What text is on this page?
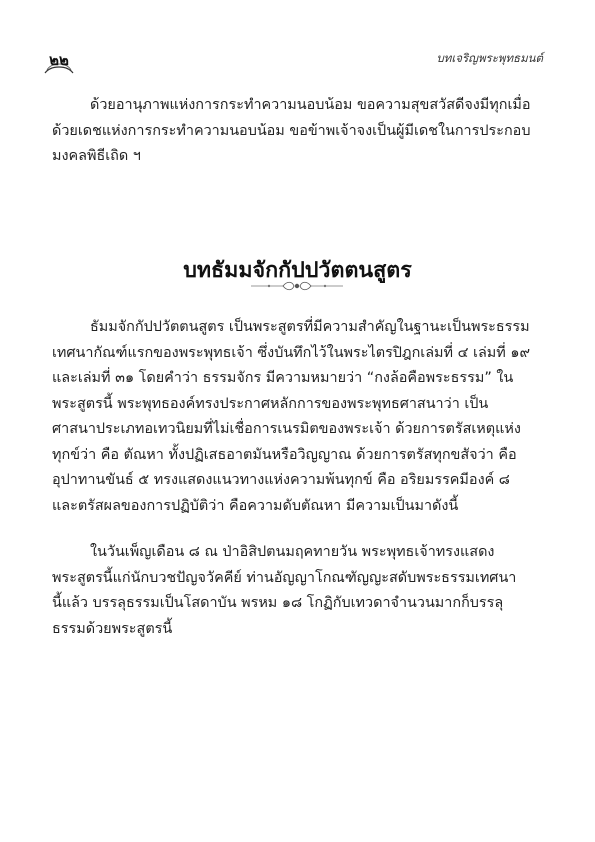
๒๒	บทเจริญพระพุทธมนต์

ด้วยอานุภาพแห่งการกระทำความนอบน้อม ขอความสุขสวัสดีจงมีทุกเมื่อ
ด้วยเดชแห่งการกระทำความนอบน้อม ขอข้าพเจ้าจงเป็นผู้มีเดชในการประกอบ
มงคลพิธีเถิด ฯ

บทธัมมจักกัปปวัตตนสูตร

ธัมมจักกัปปวัตตนสูตร เป็นพระสูตรที่มีความสำคัญในฐานะเป็นพระธรรม
เทศนากัณฑ์แรกของพระพุทธเจ้า ซึ่งบันทึกไว้ในพระไตรปิฎกเล่มที่ ๔ เล่มที่ ๑๙
และเล่มที่ ๓๑ โดยคำว่า ธรรมจักร มีความหมายว่า “กงล้อคือพระธรรม” ใน
พระสูตรนี้ พระพุทธองค์ทรงประกาศหลักการของพระพุทธศาสนาว่า เป็น
ศาสนาประเภทอเทวนิยมที่ไม่เชื่อการเนรมิตของพระเจ้า ด้วยการตรัสเหตุแห่ง
ทุกข์ว่า คือ ตัณหา ทั้งปฏิเสธอาตมันหรือวิญญาณ ด้วยการตรัสทุกขสัจว่า คือ
อุปาทานขันธ์ ๕ ทรงแสดงแนวทางแห่งความพ้นทุกข์ คือ อริยมรรคมีองค์ ๘
และตรัสผลของการปฏิบัติว่า คือความดับตัณหา มีความเป็นมาดังนี้

ในวันเพ็ญเดือน ๘ ณ ป่าอิสิปตนมฤคทายวัน พระพุทธเจ้าทรงแสดง
พระสูตรนี้แก่นักบวชปัญจวัคคีย์ ท่านอัญญาโกณฑัญญะสดับพระธรรมเทศนา
นี้แล้ว บรรลุธรรมเป็นโสดาบัน พรหม ๑๘ โกฏิกับเทวดาจำนวนมากก็บรรลุ
ธรรมด้วยพระสูตรนี้
